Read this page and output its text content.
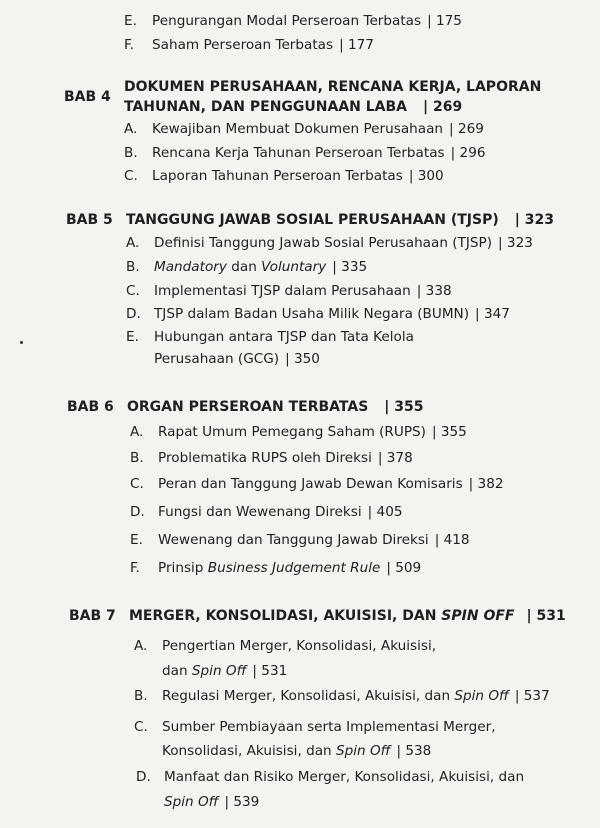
E. Pengurangan Modal Perseroan Terbatas | 175
F. Saham Perseroan Terbatas | 177
BAB 4
DOKUMEN PERUSAHAAN, RENCANA KERJA, LAPORAN
TAHUNAN, DAN PENGGUNAAN LABA | 269
A. Kewajiban Membuat Dokumen Perusahaan | 269
B. Rencana Kerja Tahunan Perseroan Terbatas | 296
C. Laporan Tahunan Perseroan Terbatas | 300
BAB 5 TANGGUNG JAWAB SOSIAL PERUSAHAAN (TJSP) | 323
A. Definisi Tanggung Jawab Sosial Perusahaan (TJSP) | 323
B. Mandatory dan Voluntary | 335
C. Implementasi TJSP dalam Perusahaan | 338
D. TJSP dalam Badan Usaha Milik Negara (BUMN) | 347
E. Hubungan antara TJSP dan Tata Kelola
Perusahaan (GCG) | 350
BAB 6 ORGAN PERSEROAN TERBATAS | 355
A. Rapat Umum Pemegang Saham (RUPS) | 355
B. Problematika RUPS oleh Direksi | 378
C. Peran dan Tanggung Jawab Dewan Komisaris | 382
D. Fungsi dan Wewenang Direksi | 405
E. Wewenang dan Tanggung Jawab Direksi | 418
F. Prinsip Business Judgement Rule | 509
BAB 7 MERGER, KONSOLIDASI, AKUISISI, DAN SPIN OFF | 531
A. Pengertian Merger, Konsolidasi, Akuisisi,
dan Spin Off | 531
B. Regulasi Merger, Konsolidasi, Akuisisi, dan Spin Off | 537
C. Sumber Pembiayaan serta Implementasi Merger,
Konsolidasi, Akuisisi, dan Spin Off | 538
D. Manfaat dan Risiko Merger, Konsolidasi, Akuisisi, dan
Spin Off | 539
